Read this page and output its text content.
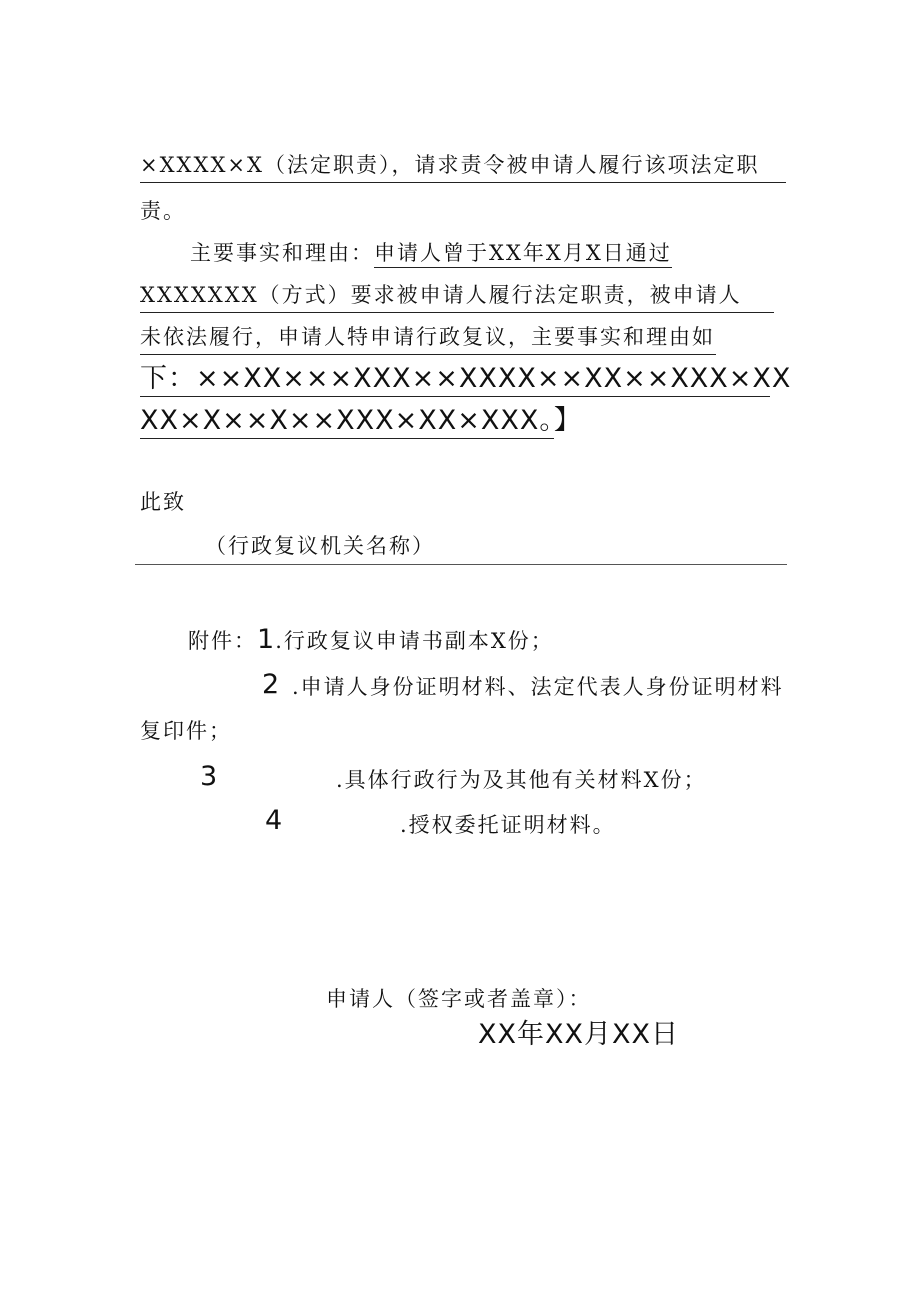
×XXXX×X（法定职责），请求责令被申请人履行该项法定职
责。
主要事实和理由：申请人曾于XX年X月X日通过
XXXXXXX（方式）要求被申请人履行法定职责，被申请人
未依法履行，申请人特申请行政复议，主要事实和理由如
下：××XX×××XXX××XXXX××XX××XXX×XX
XX×X××X××XXX×XX×XXX。】
此致
（行政复议机关名称）
附件：1.行政复议申请书副本X份；
2 .申请人身份证明材料、法定代表人身份证明材料
复印件；
3	.具体行政行为及其他有关材料X份；
4	.授权委托证明材料。
申请人（签字或者盖章）：
XX年XX月XX日
